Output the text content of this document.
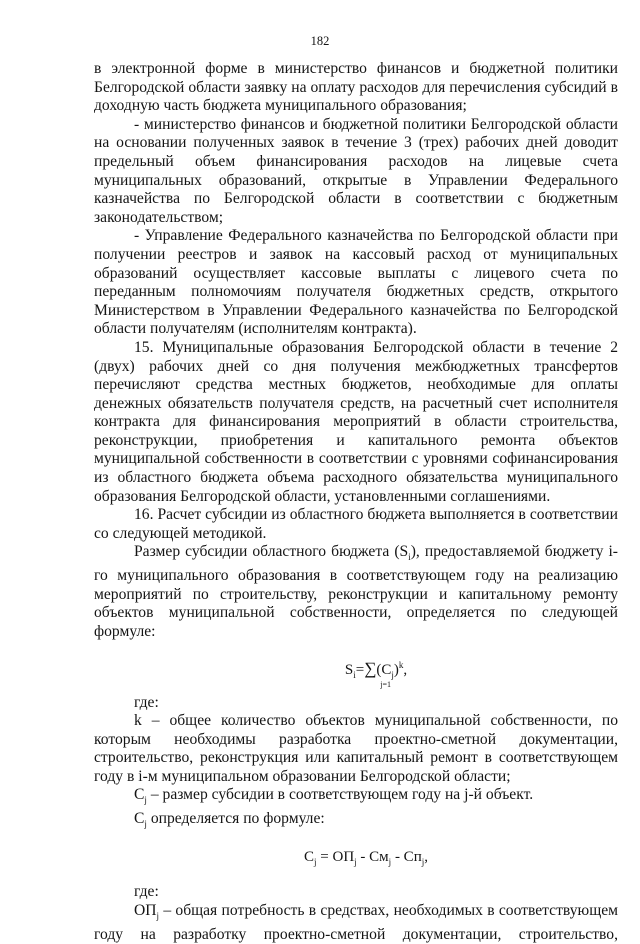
182

в электронной форме в министерство финансов и бюджетной политики Белгородской области заявку на оплату расходов для перечисления субсидий в доходную часть бюджета муниципального образования;

- министерство финансов и бюджетной политики Белгородской области на основании полученных заявок в течение 3 (трех) рабочих дней доводит предельный объем финансирования расходов на лицевые счета муниципальных образований, открытые в Управлении Федерального казначейства по Белгородской области в соответствии с бюджетным законодательством;

- Управление Федерального казначейства по Белгородской области при получении реестров и заявок на кассовый расход от муниципальных образований осуществляет кассовые выплаты с лицевого счета по переданным полномочиям получателя бюджетных средств, открытого Министерством в Управлении Федерального казначейства по Белгородской области получателям (исполнителям контракта).

15. Муниципальные образования Белгородской области в течение 2 (двух) рабочих дней со дня получения межбюджетных трансфертов перечисляют средства местных бюджетов, необходимые для оплаты денежных обязательств получателя средств, на расчетный счет исполнителя контракта для финансирования мероприятий в области строительства, реконструкции, приобретения и капитального ремонта объектов муниципальной собственности в соответствии с уровнями софинансирования из областного бюджета объема расходного обязательства муниципального образования Белгородской области, установленными соглашениями.

16. Расчет субсидии из областного бюджета выполняется в соответствии со следующей методикой.

Размер субсидии областного бюджета $(S_i)$, предоставляемой бюджету i-го муниципального образования в соответствующем году на реализацию мероприятий по строительству, реконструкции и капитальному ремонту объектов муниципальной собственности, определяется по следующей формуле:

$S_i=\sum$
j=1
$(C_j)^k$,

где:

k – общее количество объектов муниципальной собственности, по которым необходимы разработка проектно-сметной документации, строительство, реконструкция или капитальный ремонт в соответствующем году в i-м муниципальном образовании Белгородской области;

$C_j$ – размер субсидии в соответствующем году на j-й объект.

$C_j$ определяется по формуле:

$C_j = ОП_j - Cм_j - Cп_j$,

где:

$ОП_j$ – общая потребность в средствах, необходимых в соответствующем году на разработку проектно-сметной документации, строительство,
